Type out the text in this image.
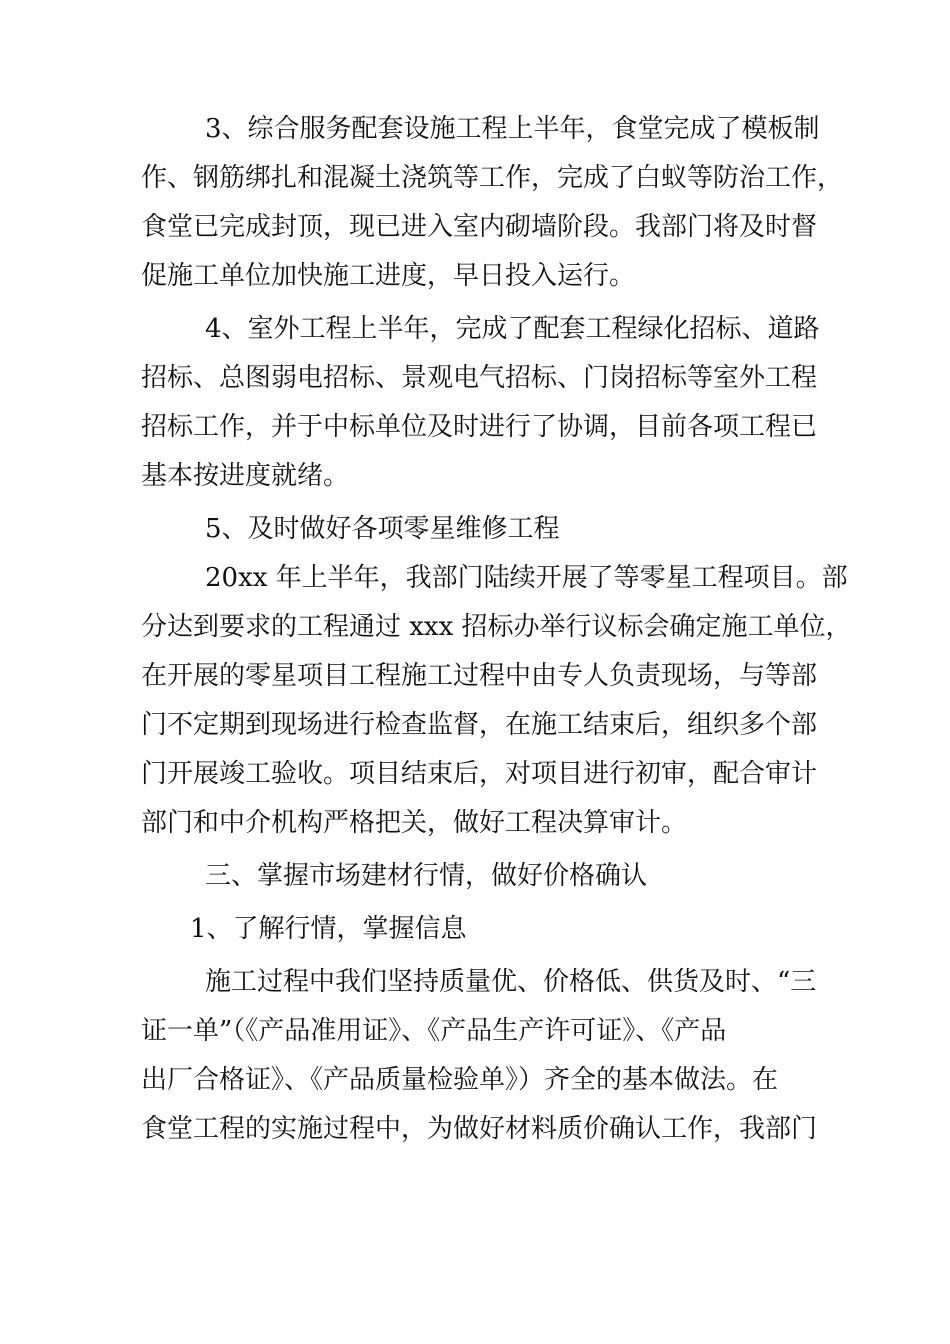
3、综合服务配套设施工程上半年，食堂完成了模板制
作、钢筋绑扎和混凝土浇筑等工作，完成了白蚁等防治工作，
食堂已完成封顶，现已进入室内砌墙阶段。我部门将及时督
促施工单位加快施工进度，早日投入运行。
4、室外工程上半年，完成了配套工程绿化招标、道路
招标、总图弱电招标、景观电气招标、门岗招标等室外工程
招标工作，并于中标单位及时进行了协调，目前各项工程已
基本按进度就绪。
5、及时做好各项零星维修工程
20xx 年上半年，我部门陆续开展了等零星工程项目。部
分达到要求的工程通过 xxx 招标办举行议标会确定施工单位，
在开展的零星项目工程施工过程中由专人负责现场，与等部
门不定期到现场进行检查监督，在施工结束后，组织多个部
门开展竣工验收。项目结束后，对项目进行初审，配合审计
部门和中介机构严格把关，做好工程决算审计。
三、掌握市场建材行情，做好价格确认
1、了解行情，掌握信息
施工过程中我们坚持质量优、价格低、供货及时、“三
证一单”（《产品准用证》、《产品生产许可证》、《产品
出厂合格证》、《产品质量检验单》）齐全的基本做法。在
食堂工程的实施过程中，为做好材料质价确认工作，我部门
